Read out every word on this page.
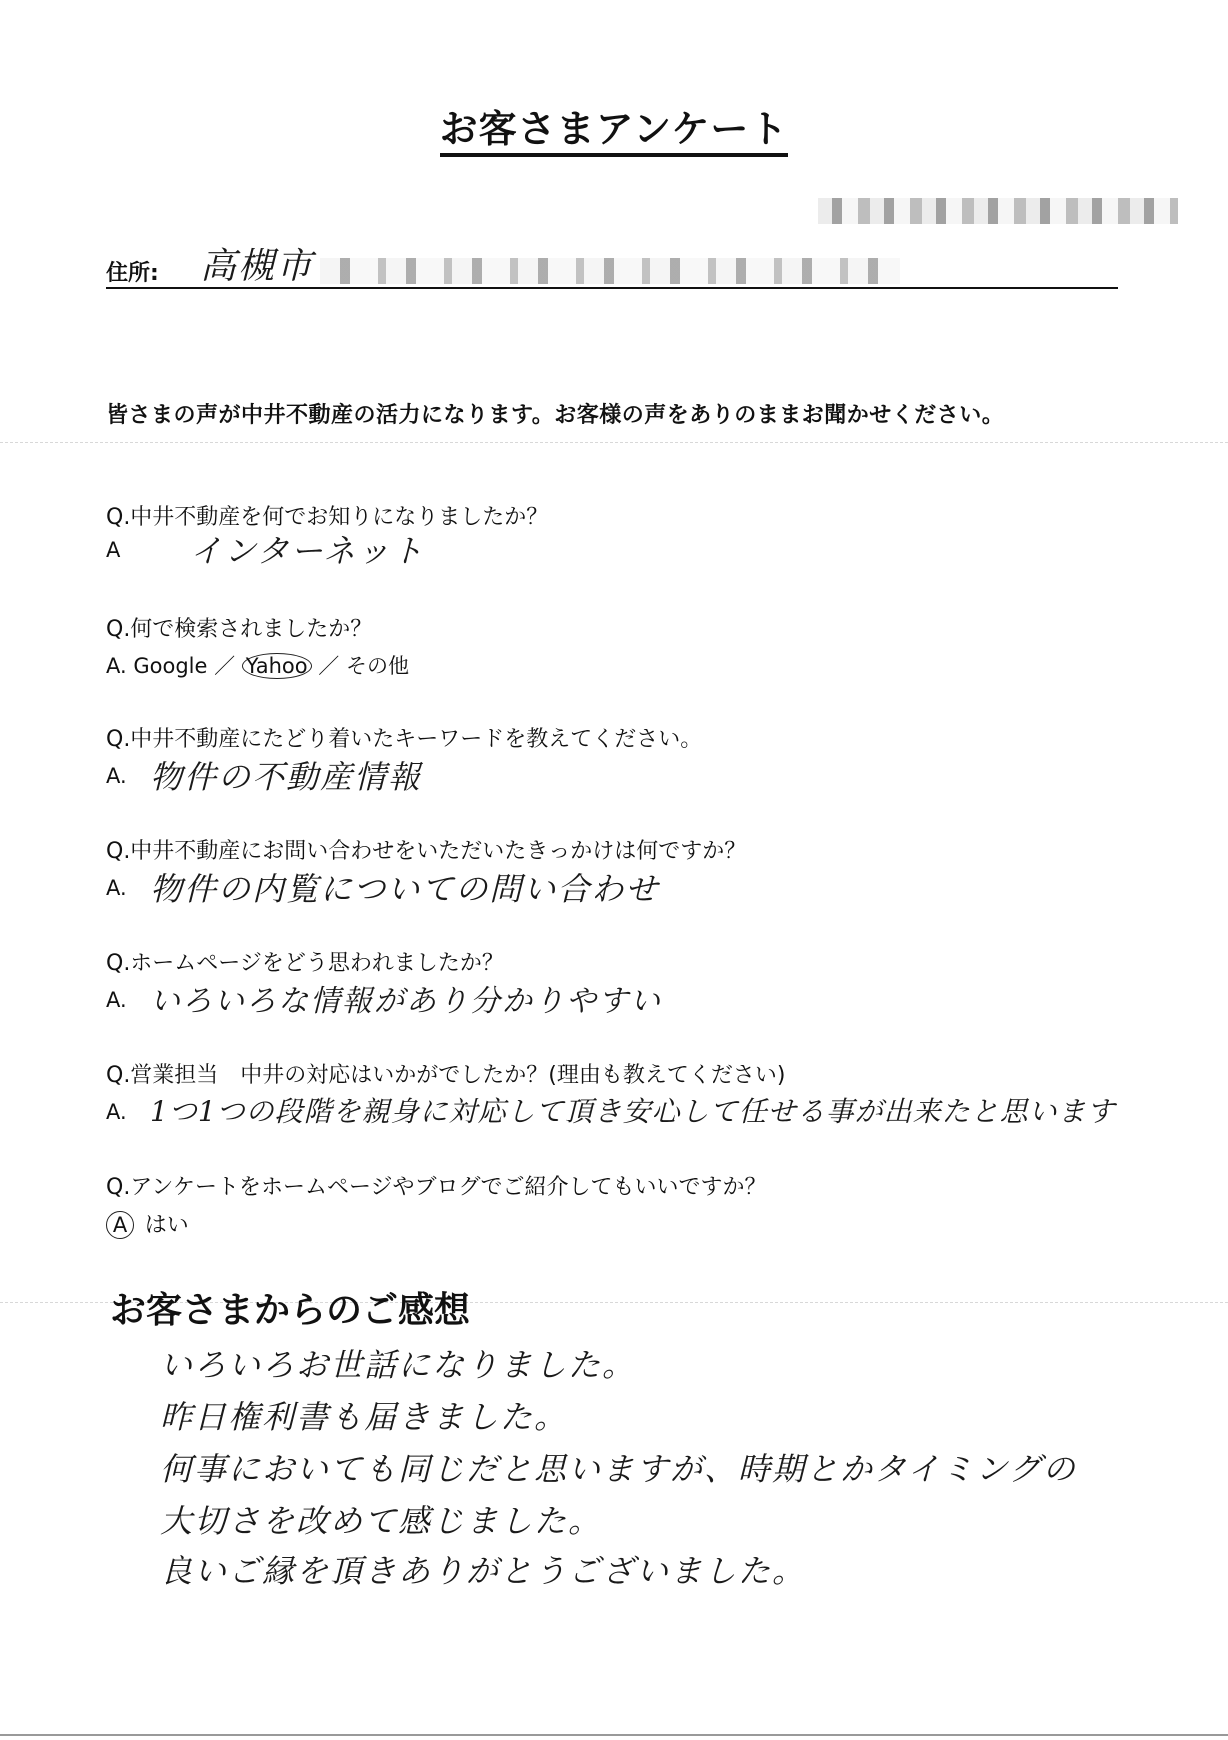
お客さまアンケート
住所: 高槻市
皆さまの声が中井不動産の活力になります。お客様の声をありのままお聞かせください。
Q.中井不動産を何でお知りになりましたか？
A インターネット
Q.何で検索されましたか？
A. Google ／ Yahoo ／ その他
Q.中井不動産にたどり着いたキーワードを教えてください。
A. 物件の不動産情報
Q.中井不動産にお問い合わせをいただいたきっかけは何ですか？
A. 物件の内覧についての問い合わせ
Q.ホームページをどう思われましたか？
A. いろいろな情報があり分かりやすい
Q.営業担当　中井の対応はいかがでしたか？(理由も教えてください)
A. 1つ1つの段階を親身に対応して頂き安心して任せる事が出来たと思います
Q.アンケートをホームページやブログでご紹介してもいいですか？
A はい
お客さまからのご感想
いろいろお世話になりました。
昨日権利書も届きました。
何事においても同じだと思いますが、時期とかタイミングの
大切さを改めて感じました。
良いご縁を頂きありがとうございました。
